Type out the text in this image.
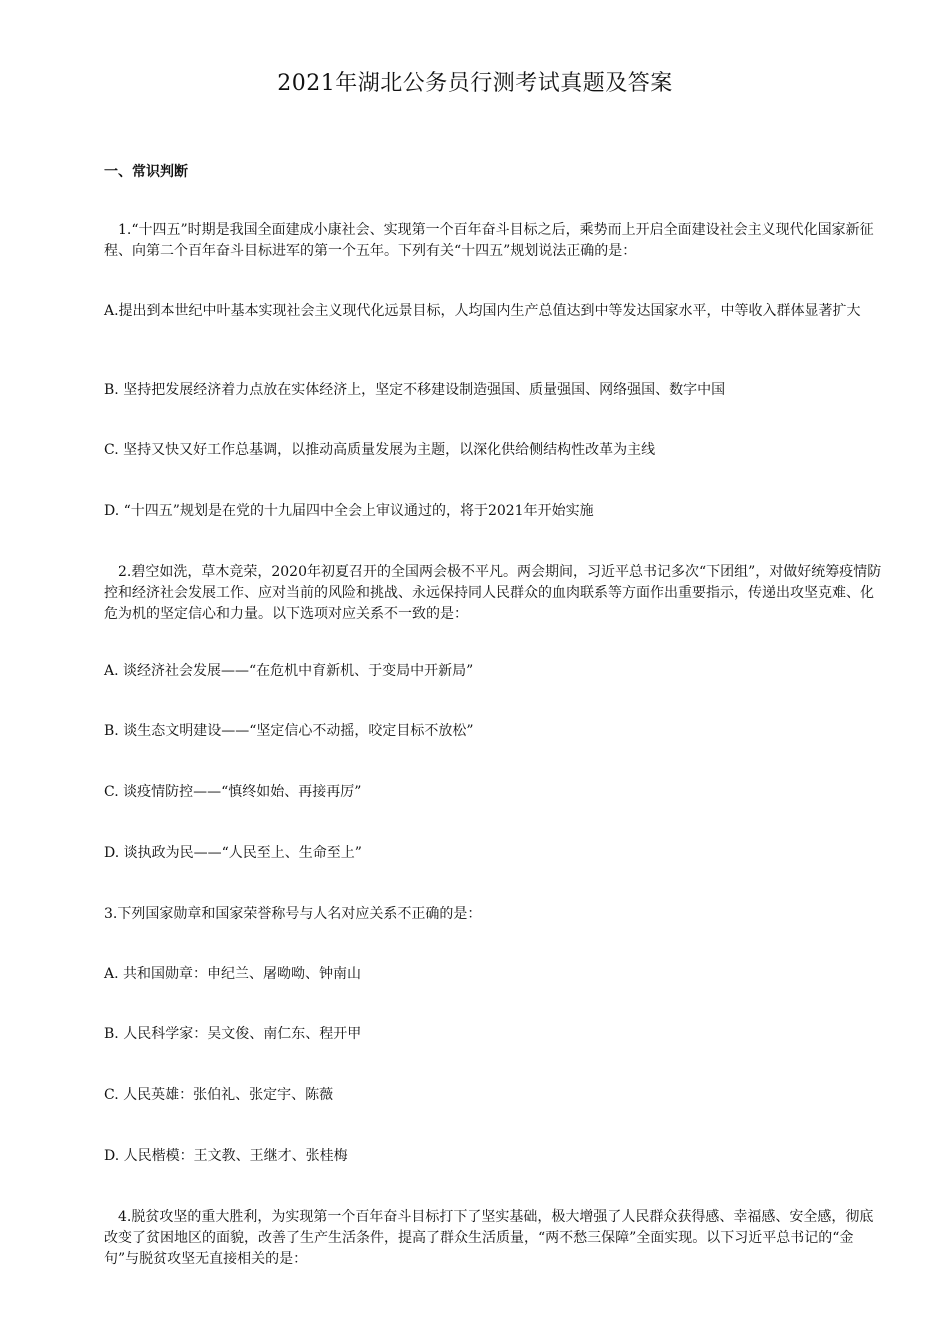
2021年湖北公务员行测考试真题及答案
一、常识判断
1.“十四五”时期是我国全面建成小康社会、实现第一个百年奋斗目标之后，乘势而上开启全面建设社会主义现代化国家新征程、向第二个百年奋斗目标进军的第一个五年。下列有关“十四五”规划说法正确的是：
A.提出到本世纪中叶基本实现社会主义现代化远景目标，人均国内生产总值达到中等发达国家水平，中等收入群体显著扩大
B. 坚持把发展经济着力点放在实体经济上，坚定不移建设制造强国、质量强国、网络强国、数字中国
C. 坚持又快又好工作总基调，以推动高质量发展为主题，以深化供给侧结构性改革为主线
D. “十四五”规划是在党的十九届四中全会上审议通过的，将于2021年开始实施
2.碧空如洗，草木竞荣，2020年初夏召开的全国两会极不平凡。两会期间，习近平总书记多次“下团组”，对做好统筹疫情防控和经济社会发展工作、应对当前的风险和挑战、永远保持同人民群众的血肉联系等方面作出重要指示，传递出攻坚克难、化危为机的坚定信心和力量。以下选项对应关系不一致的是：
A. 谈经济社会发展——“在危机中育新机、于变局中开新局”
B. 谈生态文明建设——“坚定信心不动摇，咬定目标不放松”
C. 谈疫情防控——“慎终如始、再接再厉”
D. 谈执政为民——“人民至上、生命至上”
3.下列国家勋章和国家荣誉称号与人名对应关系不正确的是：
A. 共和国勋章：申纪兰、屠呦呦、钟南山
B. 人民科学家：吴文俊、南仁东、程开甲
C. 人民英雄：张伯礼、张定宇、陈薇
D. 人民楷模：王文教、王继才、张桂梅
4.脱贫攻坚的重大胜利，为实现第一个百年奋斗目标打下了坚实基础，极大增强了人民群众获得感、幸福感、安全感，彻底改变了贫困地区的面貌，改善了生产生活条件，提高了群众生活质量，“两不愁三保障”全面实现。以下习近平总书记的“金句”与脱贫攻坚无直接相关的是：
